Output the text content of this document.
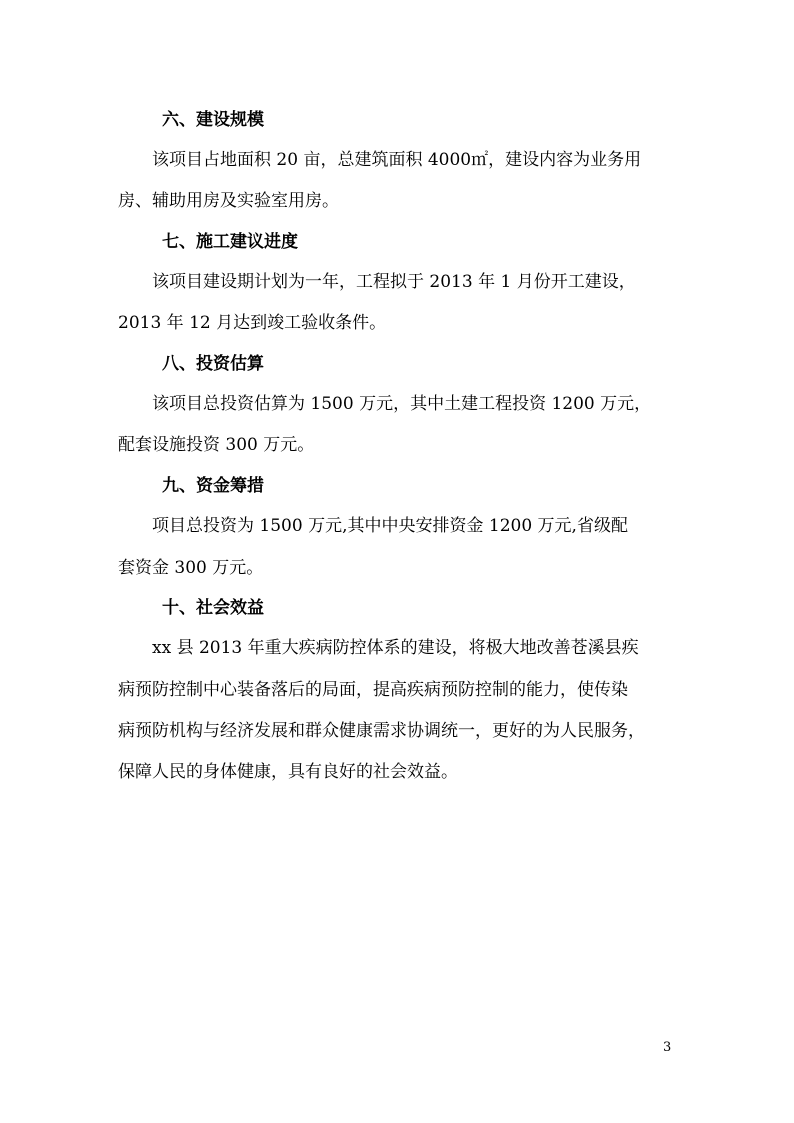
六、建设规模
该项目占地面积 20 亩，总建筑面积 4000㎡，建设内容为业务用
房、辅助用房及实验室用房。
七、施工建议进度
该项目建设期计划为一年，工程拟于 2013 年 1 月份开工建设，
2013 年 12 月达到竣工验收条件。
八、投资估算
该项目总投资估算为 1500 万元，其中土建工程投资 1200 万元，
配套设施投资 300 万元。
九、资金筹措
项目总投资为 1500 万元,其中中央安排资金 1200 万元,省级配
套资金 300 万元。
十、社会效益
xx 县 2013 年重大疾病防控体系的建设，将极大地改善苍溪县疾
病预防控制中心装备落后的局面，提高疾病预防控制的能力，使传染
病预防机构与经济发展和群众健康需求协调统一，更好的为人民服务，
保障人民的身体健康，具有良好的社会效益。
3
